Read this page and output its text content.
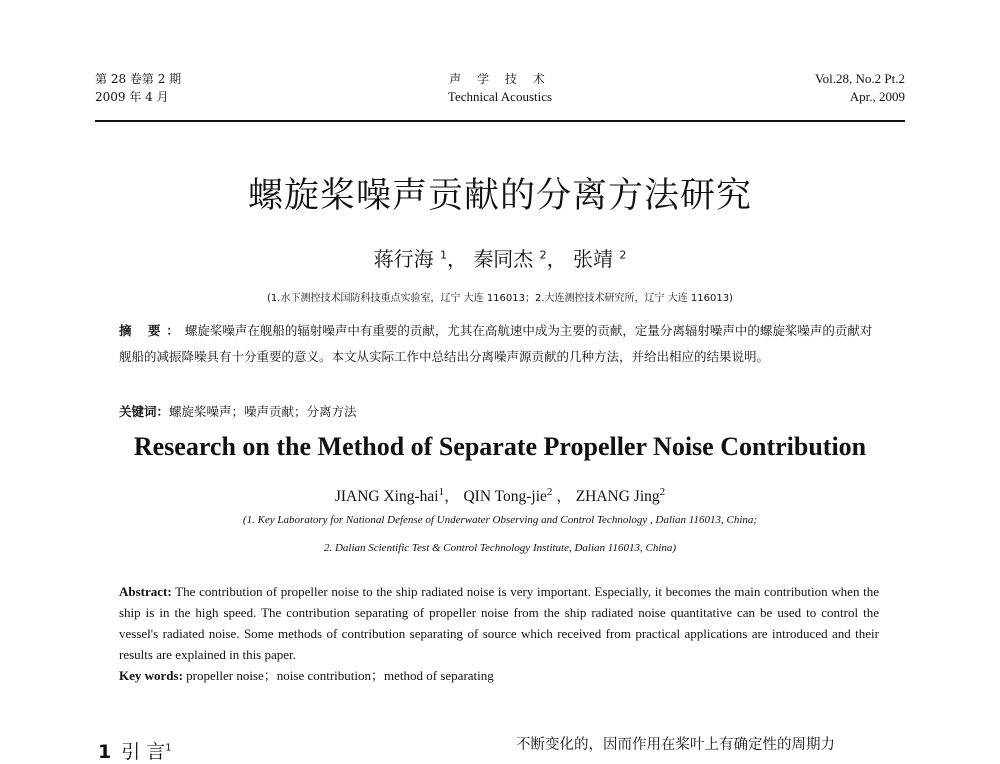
第 28 卷第 2 期
2009 年 4 月
声 学 技 术
Technical Acoustics
Vol.28, No.2 Pt.2
Apr., 2009
螺旋桨噪声贡献的分离方法研究
蒋行海 $^1$， 秦同杰 $^2$， 张靖 $^2$
(1.水下测控技术国防科技重点实验室，辽宁 大连 116013；2.大连测控技术研究所，辽宁 大连 116013)
摘 要：螺旋桨噪声在舰船的辐射噪声中有重要的贡献，尤其在高航速中成为主要的贡献，定量分离辐射噪声中的螺旋桨噪声的贡献对舰船的减振降噪具有十分重要的意义。本文从实际工作中总结出分离噪声源贡献的几种方法，并给出相应的结果说明。
关键词：螺旋桨噪声；噪声贡献；分离方法
Research on the Method of Separate Propeller Noise Contribution
JIANG Xing-hai$^1$， QIN Tong-jie$^2$ ， ZHANG Jing$^2$
(1. Key Laboratory for National Defense of Underwater Observing and Control Technology , Dalian 116013, China;
2. Dalian Scientific Test & Control Technology Institute, Dalian 116013, China)
Abstract: The contribution of propeller noise to the ship radiated noise is very important. Especially, it becomes the main contribution when the ship is in the high speed. The contribution separating of propeller noise from the ship radiated noise quantitative can be used to control the vessel's radiated noise. Some methods of contribution separating of source which received from practical applications are introduced and their results are explained in this paper.
Key words: propeller noise；noise contribution；method of separating
1 引 言$^1$	不断变化的，因而作用在桨叶上有确定性的周期力
